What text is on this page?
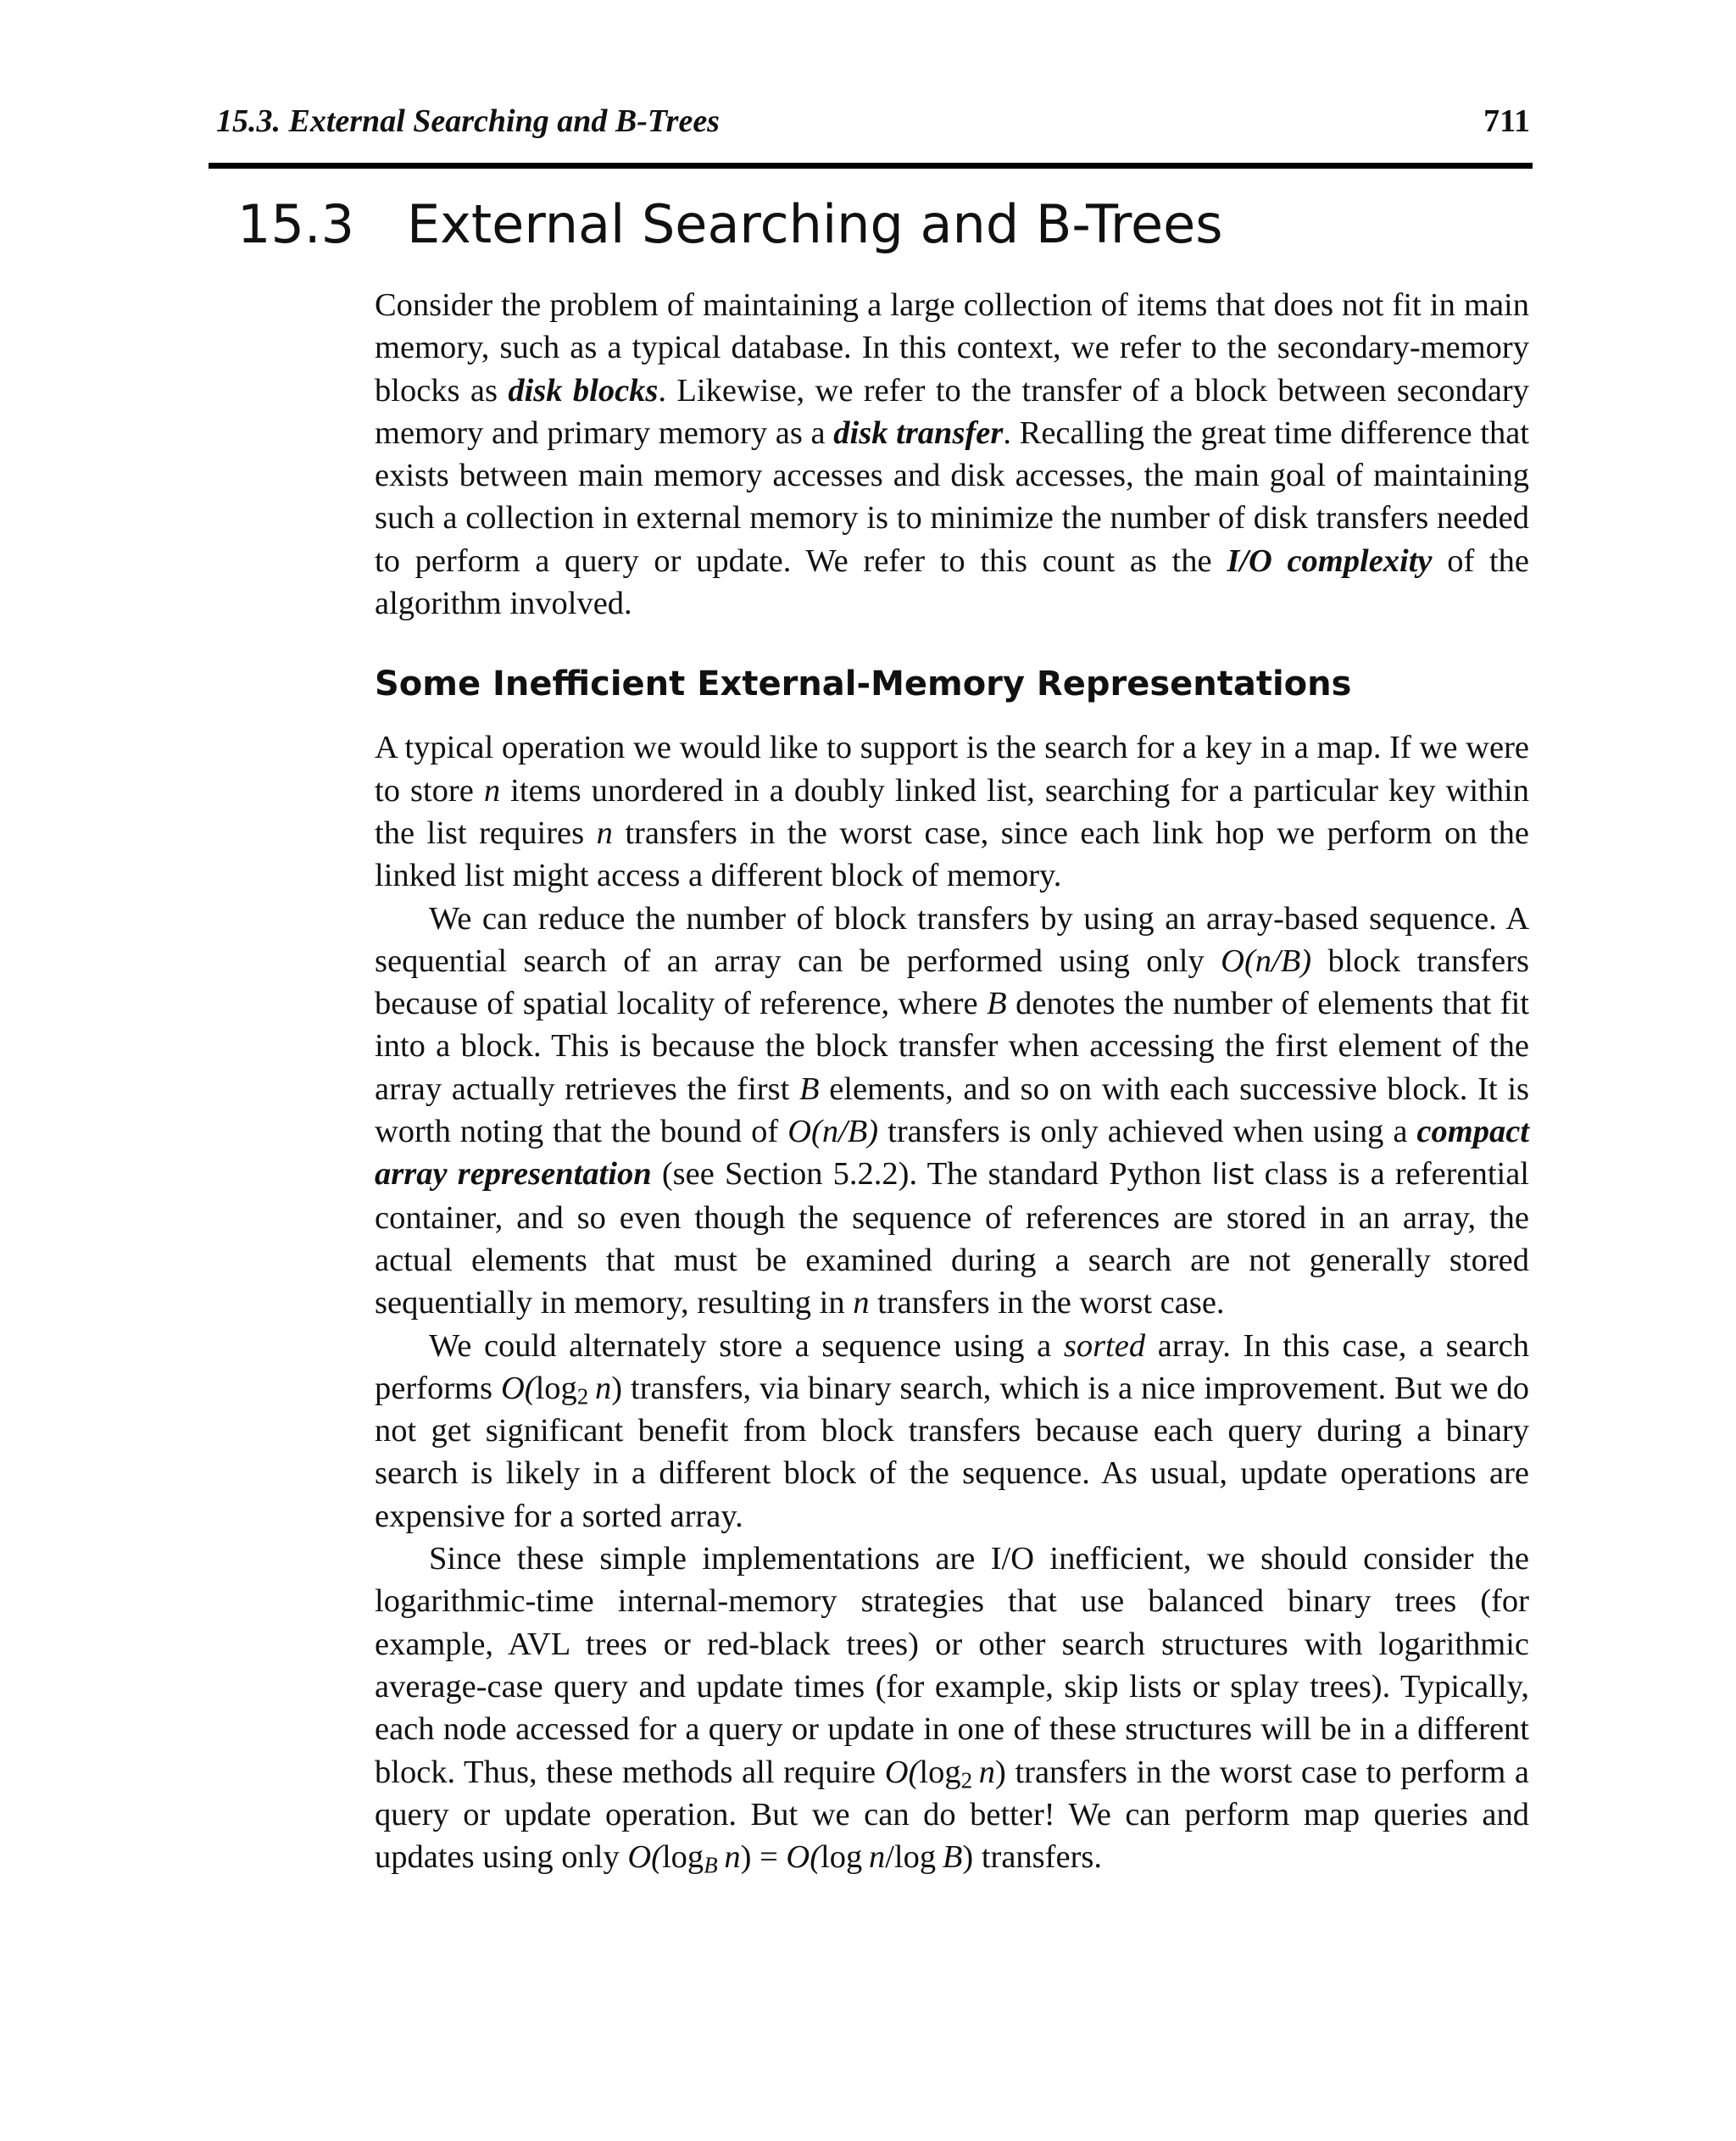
15.3. External Searching and B-Trees	711
15.3 External Searching and B-Trees

Consider the problem of maintaining a large collection of items that does not fit in main memory, such as a typical database. In this context, we refer to the secondary-memory blocks as disk blocks. Likewise, we refer to the transfer of a block between secondary memory and primary memory as a disk transfer. Recalling the great time difference that exists between main memory accesses and disk accesses, the main goal of maintaining such a collection in external memory is to minimize the number of disk transfers needed to perform a query or update. We refer to this count as the I/O complexity of the algorithm involved.

Some Inefficient External-Memory Representations

A typical operation we would like to support is the search for a key in a map. If we were to store n items unordered in a doubly linked list, searching for a particular key within the list requires n transfers in the worst case, since each link hop we perform on the linked list might access a different block of memory.

We can reduce the number of block transfers by using an array-based sequence. A sequential search of an array can be performed using only O(n/B) block transfers because of spatial locality of reference, where B denotes the number of elements that fit into a block. This is because the block transfer when accessing the first element of the array actually retrieves the first B elements, and so on with each successive block. It is worth noting that the bound of O(n/B) transfers is only achieved when using a compact array representation (see Section 5.2.2). The standard Python list class is a referential container, and so even though the sequence of references are stored in an array, the actual elements that must be examined during a search are not generally stored sequentially in memory, resulting in n transfers in the worst case.

We could alternately store a sequence using a sorted array. In this case, a search performs $O(\log_2$  n) transfers, via binary search, which is a nice improvement. But we do not get significant benefit from block transfers because each query during a binary search is likely in a different block of the sequence. As usual, update operations are expensive for a sorted array.

Since these simple implementations are I/O inefficient, we should consider the logarithmic-time internal-memory strategies that use balanced binary trees (for example, AVL trees or red-black trees) or other search structures with logarithmic average-case query and update times (for example, skip lists or splay trees). Typically, each node accessed for a query or update in one of these structures will be in a different block. Thus, these methods all require $O(\log_2$  n) transfers in the worst case to perform a query or update operation. But we can do better! We can perform map queries and updates using only $O(\log_B$  n) = O(log  n/log  B) transfers.
